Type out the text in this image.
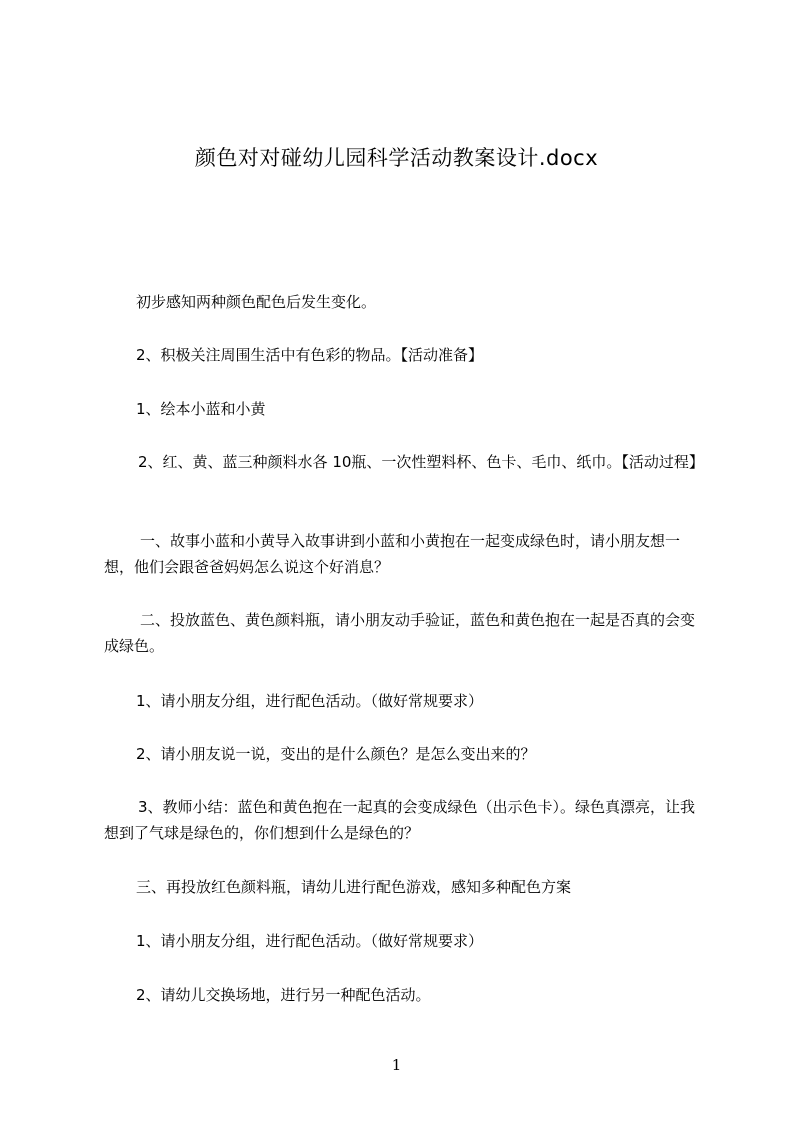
颜色对对碰幼儿园科学活动教案设计.docx
初步感知两种颜色配色后发生变化。
2、积极关注周围生活中有色彩的物品。【活动准备】
1、绘本小蓝和小黄
2、红、黄、蓝三种颜料水各 10瓶、一次性塑料杯、色卡、毛巾、纸巾。【活动过程】
一、故事小蓝和小黄导入故事讲到小蓝和小黄抱在一起变成绿色时，请小朋友想一想，他们会跟爸爸妈妈怎么说这个好消息？
二、投放蓝色、黄色颜料瓶，请小朋友动手验证，蓝色和黄色抱在一起是否真的会变成绿色。
1、请小朋友分组，进行配色活动。（做好常规要求）
2、请小朋友说一说，变出的是什么颜色？是怎么变出来的？
3、教师小结：蓝色和黄色抱在一起真的会变成绿色（出示色卡）。绿色真漂亮，让我想到了气球是绿色的，你们想到什么是绿色的？
三、再投放红色颜料瓶，请幼儿进行配色游戏，感知多种配色方案
1、请小朋友分组，进行配色活动。（做好常规要求）
2、请幼儿交换场地，进行另一种配色活动。
1
